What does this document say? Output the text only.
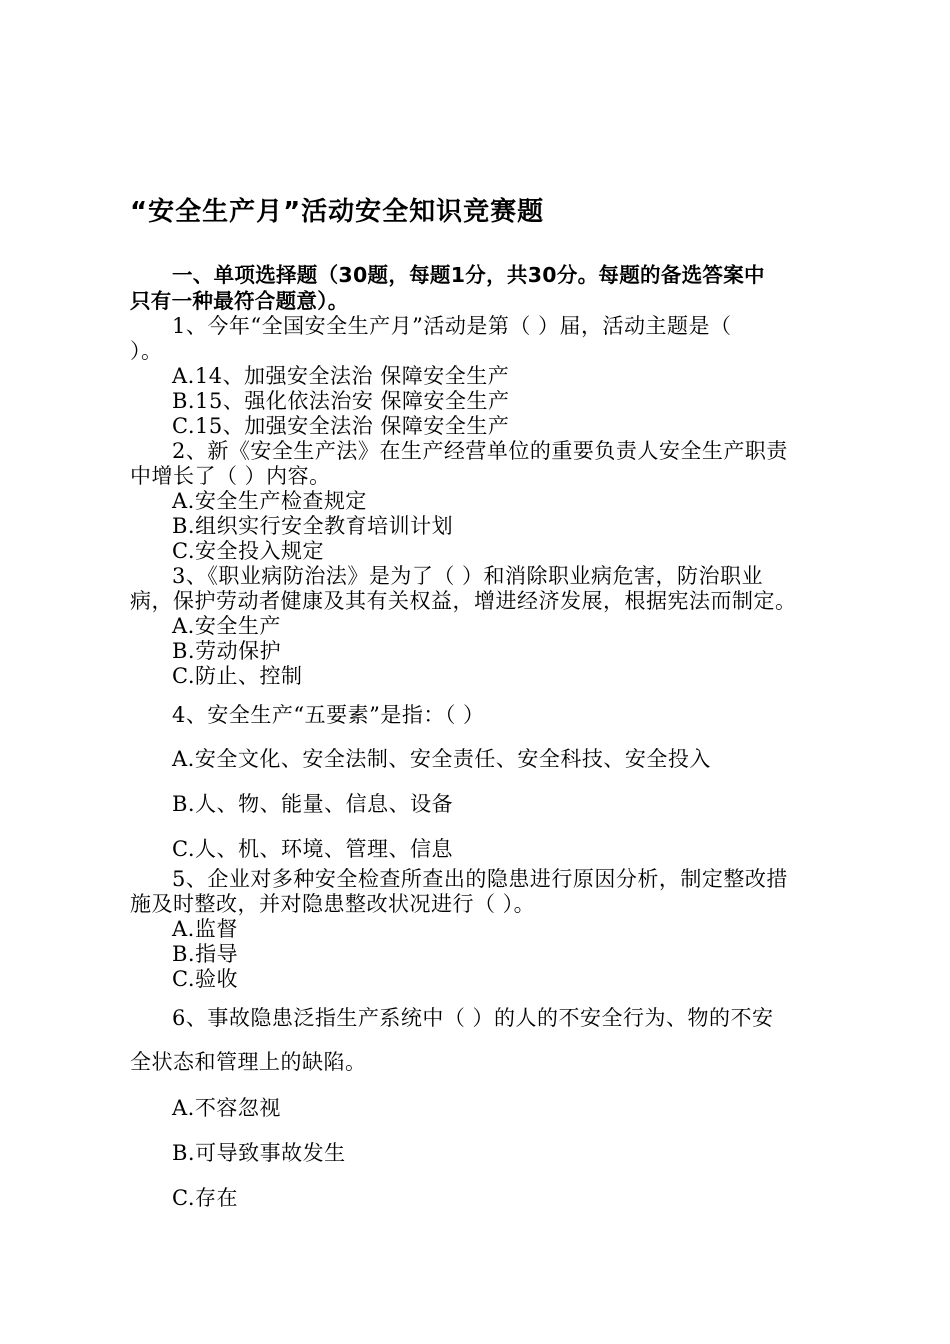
“安全生产月”活动安全知识竞赛题
一、单项选择题（30题，每题1分，共30分。每题的备选答案中
只有一种最符合题意）。
1、今年“全国安全生产月”活动是第（ ）届，活动主题是（
）。
A.14、加强安全法治 保障安全生产
B.15、强化依法治安 保障安全生产
C.15、加强安全法治 保障安全生产
2、新《安全生产法》在生产经营单位的重要负责人安全生产职责
中增长了（ ）内容。
A.安全生产检查规定
B.组织实行安全教育培训计划
C.安全投入规定
3、《职业病防治法》是为了（ ）和消除职业病危害，防治职业
病，保护劳动者健康及其有关权益，增进经济发展，根据宪法而制定。
A.安全生产
B.劳动保护
C.防止、控制
4、安全生产“五要素”是指：（ ）
A.安全文化、安全法制、安全责任、安全科技、安全投入
B.人、物、能量、信息、设备
C.人、机、环境、管理、信息
5、企业对多种安全检查所查出的隐患进行原因分析，制定整改措
施及时整改，并对隐患整改状况进行（ ）。
A.监督
B.指导
C.验收
6、事故隐患泛指生产系统中（ ）的人的不安全行为、物的不安
全状态和管理上的缺陷。
A.不容忽视
B.可导致事故发生
C.存在
